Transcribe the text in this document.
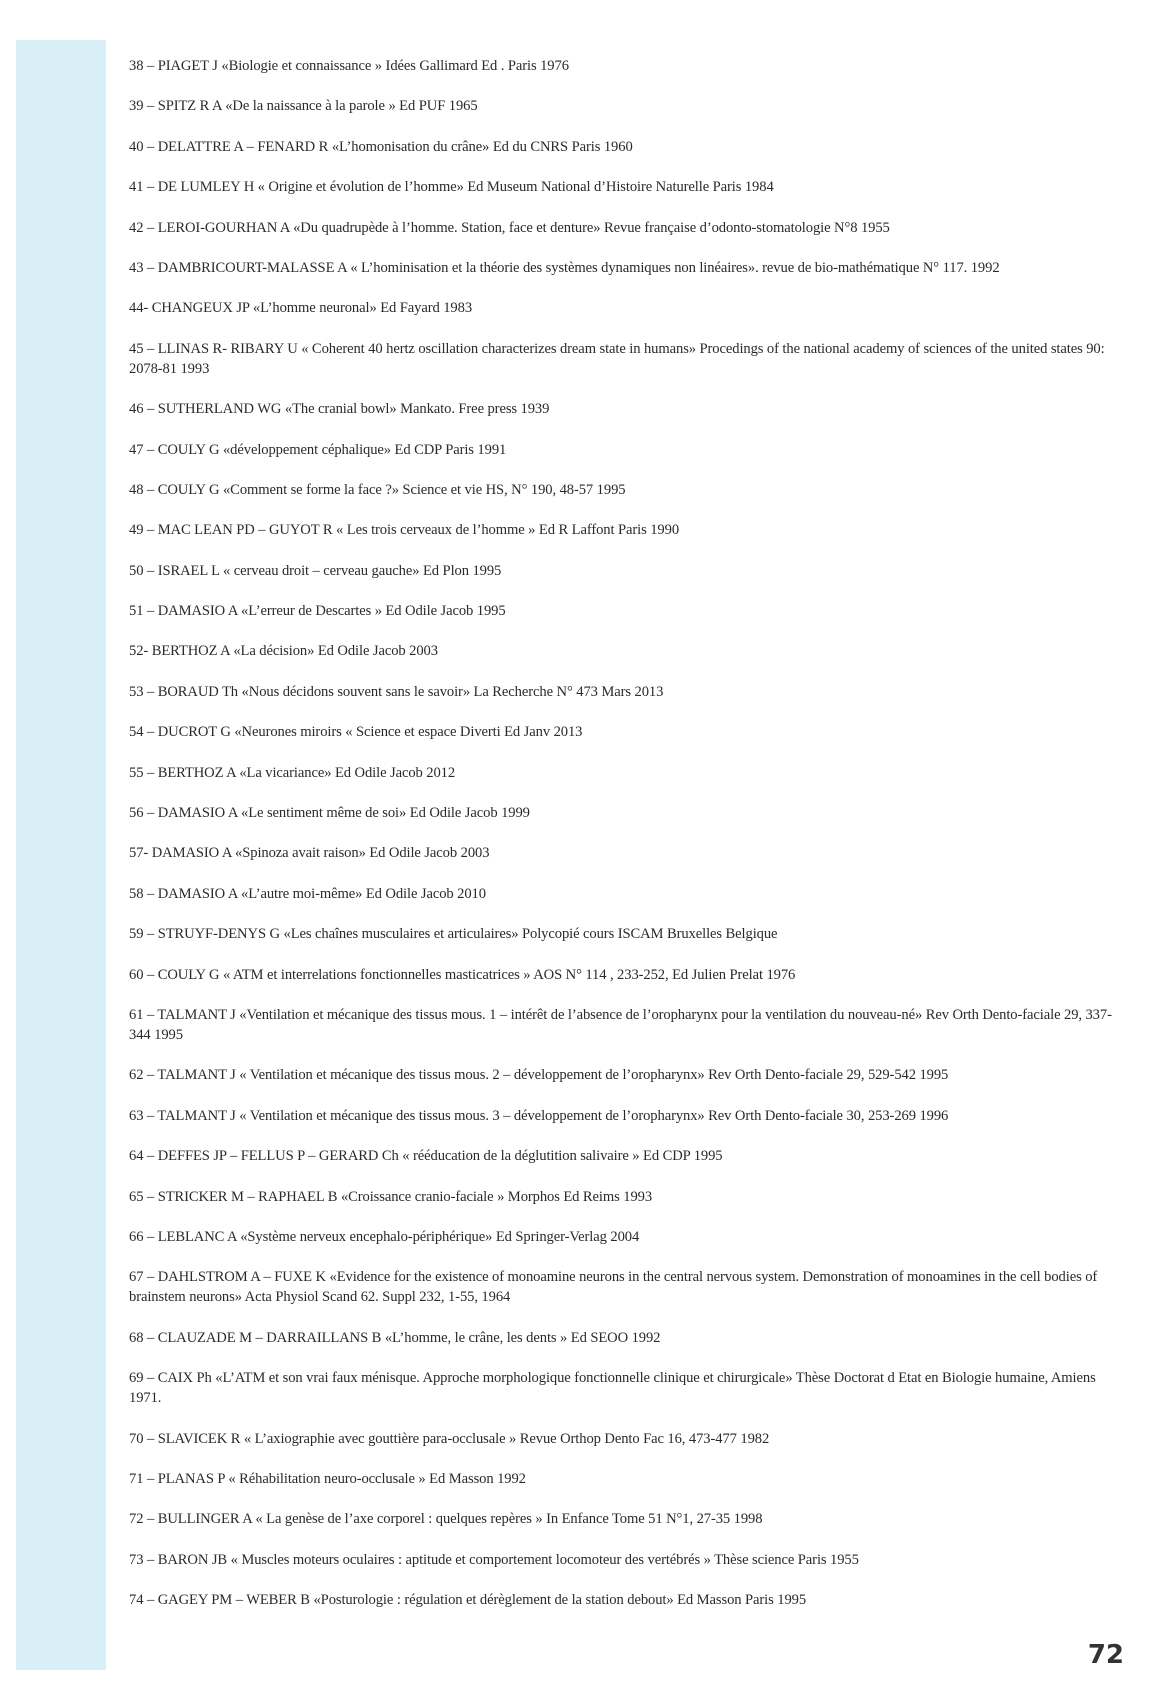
38 – PIAGET J «Biologie et connaissance » Idées Gallimard Ed . Paris 1976
39 – SPITZ R A «De la naissance à la parole » Ed PUF 1965
40 – DELATTRE A – FENARD R «L’homonisation du crâne» Ed du CNRS Paris 1960
41 – DE LUMLEY H « Origine et évolution de l’homme» Ed Museum National d’Histoire Naturelle Paris 1984
42 – LEROI-GOURHAN A «Du quadrupède à l’homme. Station, face et denture» Revue française d’odonto-stomatologie N°8 1955
43 – DAMBRICOURT-MALASSE A « L’hominisation et la théorie des systèmes dynamiques non linéaires». revue de bio-mathématique N° 117. 1992
44- CHANGEUX JP «L’homme neuronal» Ed Fayard 1983
45 – LLINAS R- RIBARY U « Coherent 40 hertz oscillation characterizes dream state in humans» Procedings of the national academy of sciences of the united states 90: 2078-81 1993
46 – SUTHERLAND WG «The cranial bowl» Mankato. Free press 1939
47 – COULY G «développement céphalique» Ed CDP Paris 1991
48 – COULY G «Comment se forme la face ?» Science et vie HS, N° 190, 48-57 1995
49 – MAC LEAN PD – GUYOT R « Les trois cerveaux de l’homme » Ed R Laffont Paris 1990
50 – ISRAEL L « cerveau droit – cerveau gauche» Ed Plon 1995
51 – DAMASIO A «L’erreur de Descartes » Ed Odile Jacob 1995
52- BERTHOZ A «La décision» Ed Odile Jacob 2003
53 – BORAUD Th «Nous décidons souvent sans le savoir» La Recherche N° 473 Mars 2013
54 – DUCROT G «Neurones miroirs « Science et espace Diverti Ed Janv 2013
55 – BERTHOZ A «La vicariance» Ed Odile Jacob 2012
56 – DAMASIO A «Le sentiment même de soi» Ed Odile Jacob 1999
57- DAMASIO A «Spinoza avait raison» Ed Odile Jacob 2003
58 – DAMASIO A «L’autre moi-même» Ed Odile Jacob 2010
59 – STRUYF-DENYS G «Les chaînes musculaires et articulaires» Polycopié cours ISCAM Bruxelles Belgique
60 – COULY G « ATM et interrelations fonctionnelles masticatrices » AOS N° 114 , 233-252, Ed Julien Prelat 1976
61 – TALMANT J «Ventilation et mécanique des tissus mous. 1 – intérêt de l’absence de l’oropharynx pour la ventilation du nouveau-né» Rev Orth Dento-faciale 29, 337-344 1995
62 – TALMANT J « Ventilation et mécanique des tissus mous. 2 – développement de l’oropharynx» Rev Orth Dento-faciale 29, 529-542 1995
63 – TALMANT J « Ventilation et mécanique des tissus mous. 3 – développement de l’oropharynx» Rev Orth Dento-faciale 30, 253-269 1996
64 – DEFFES JP – FELLUS P – GERARD Ch « rééducation de la déglutition salivaire » Ed CDP 1995
65 – STRICKER M – RAPHAEL B «Croissance cranio-faciale » Morphos Ed Reims 1993
66 – LEBLANC A «Système nerveux encephalo-périphérique» Ed Springer-Verlag 2004
67 – DAHLSTROM A – FUXE K «Evidence for the existence of monoamine neurons in the central nervous system. Demonstration of monoamines in the cell bodies of brainstem neurons» Acta Physiol Scand 62. Suppl 232, 1-55, 1964
68 – CLAUZADE M – DARRAILLANS B «L’homme, le crâne, les dents » Ed SEOO 1992
69 – CAIX Ph «L’ATM et son vrai faux ménisque. Approche morphologique fonctionnelle clinique et chirurgicale» Thèse Doctorat d Etat en Biologie humaine, Amiens 1971.
70 – SLAVICEK R « L’axiographie avec gouttière para-occlusale » Revue Orthop Dento Fac 16, 473-477 1982
71 – PLANAS P « Réhabilitation neuro-occlusale » Ed Masson 1992
72 – BULLINGER A « La genèse de l’axe corporel : quelques repères » In Enfance Tome 51 N°1, 27-35 1998
73 – BARON JB « Muscles moteurs oculaires : aptitude et comportement locomoteur des vertébrés » Thèse science Paris 1955
74 – GAGEY PM – WEBER B «Posturologie : régulation et dérèglement de la station debout» Ed Masson Paris 1995
72
